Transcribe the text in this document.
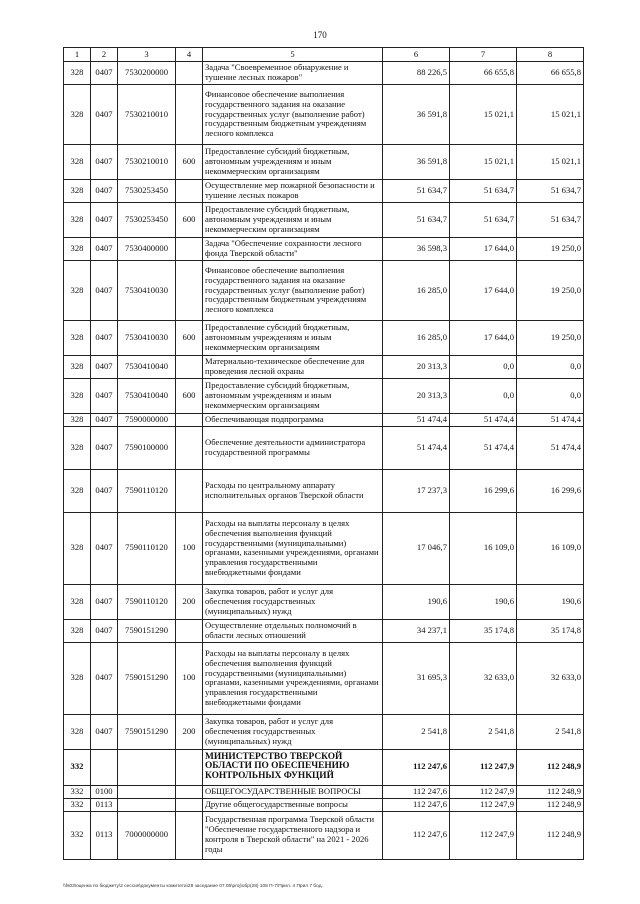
170
1	2	3	4	5	6	7	8
328	0407	7530200000		Задача "Своевременное обнаружение и тушение лесных пожаров"	88 226,5	66 655,8	66 655,8
328	0407	7530210010		Финансовое обеспечение выполнения государственного задания на оказание государственных услуг (выполнение работ) государственным бюджетным учреждениям лесного комплекса	36 591,8	15 021,1	15 021,1
328	0407	7530210010	600	Предоставление субсидий бюджетным, автономным учреждениям и иным некоммерческим организациям	36 591,8	15 021,1	15 021,1
328	0407	7530253450		Осуществление мер пожарной безопасности и тушение лесных пожаров	51 634,7	51 634,7	51 634,7
328	0407	7530253450	600	Предоставление субсидий бюджетным, автономным учреждениям и иным некоммерческим организациям	51 634,7	51 634,7	51 634,7
328	0407	7530400000		Задача "Обеспечение сохранности лесного фонда Тверской области"	36 598,3	17 644,0	19 250,0
328	0407	7530410030		Финансовое обеспечение выполнения государственного задания на оказание государственных услуг (выполнение работ) государственным бюджетным учреждениям лесного комплекса	16 285,0	17 644,0	19 250,0
328	0407	7530410030	600	Предоставление субсидий бюджетным, автономным учреждениям и иным некоммерческим организациям	16 285,0	17 644,0	19 250,0
328	0407	7530410040		Материально-техническое обеспечение для проведения лесной охраны	20 313,3	0,0	0,0
328	0407	7530410040	600	Предоставление субсидий бюджетным, автономным учреждениям и иным некоммерческим организациям	20 313,3	0,0	0,0
328	0407	7590000000		Обеспечивающая подпрограмма	51 474,4	51 474,4	51 474,4
328	0407	7590100000		Обеспечение деятельности администратора государственной программы	51 474,4	51 474,4	51 474,4
328	0407	7590110120		Расходы по центральному аппарату исполнительных органов Тверской области	17 237,3	16 299,6	16 299,6
328	0407	7590110120	100	Расходы на выплаты персоналу в целях обеспечения выполнения функций государственными (муниципальными) органами, казенными учреждениями, органами управления государственными внебюджетными фондами	17 046,7	16 109,0	16 109,0
328	0407	7590110120	200	Закупка товаров, работ и услуг для обеспечения государственных (муниципальных) нужд	190,6	190,6	190,6
328	0407	7590151290		Осуществление отдельных полномочий в области лесных отношений	34 237,1	35 174,8	35 174,8
328	0407	7590151290	100	Расходы на выплаты персоналу в целях обеспечения выполнения функций государственными (муниципальными) органами, казенными учреждениями, органами управления государственными внебюджетными фондами	31 695,3	32 633,0	32 633,0
328	0407	7590151290	200	Закупка товаров, работ и услуг для обеспечения государственных (муниципальных) нужд	2 541,8	2 541,8	2 541,8
332				МИНИСТЕРСТВО ТВЕРСКОЙ ОБЛАСТИ ПО ОБЕСПЕЧЕНИЮ КОНТРОЛЬНЫХ ФУНКЦИЙ	112 247,6	112 247,9	112 248,9
332	0100			ОБЩЕГОСУДАРСТВЕННЫЕ ВОПРОСЫ	112 247,6	112 247,9	112 248,9
332	0113			Другие общегосударственные вопросы	112 247,6	112 247,9	112 248,9
332	0113	7000000000		Государственная программа Тверской области "Обеспечение государственного надзора и контроля в Тверской области" на 2021 - 2026 годы	112 247,6	112 247,9	112 248,9
\\fs03\оценка по бюджету\2 сессия\документы комитета\28 заседание 07.05\proj\обр(28) 108 П-7\Прил. 4 Прил 7 бод.
